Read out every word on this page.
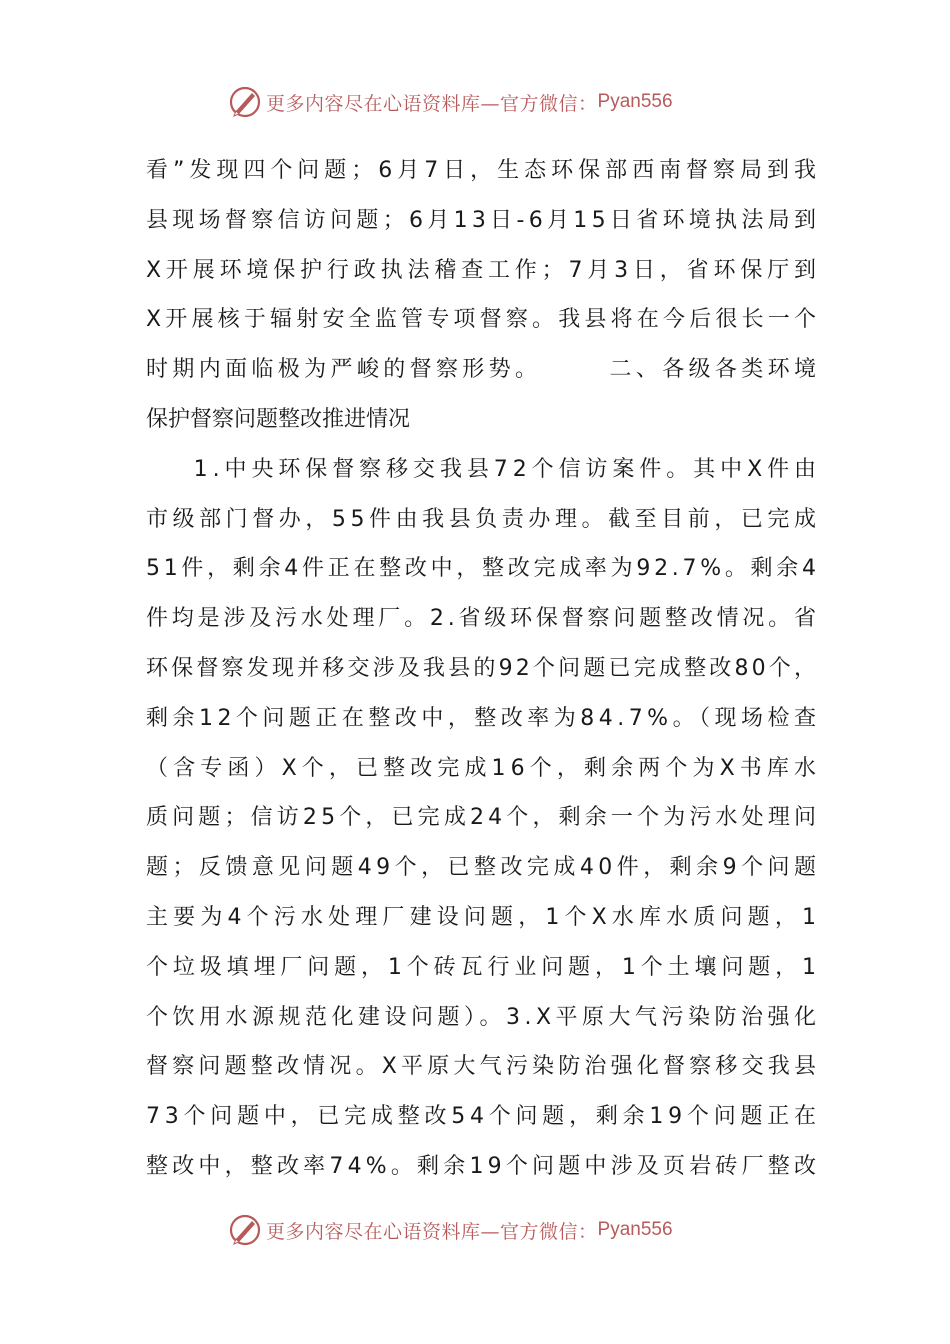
更多内容尽在心语资料库—官方微信： Pyan556
看”发现四个问题；6月7日，生态环保部西南督察局到我
县现场督察信访问题；6月13日-6月15日省环境执法局到
X开展环境保护行政执法稽查工作；7月3日，省环保厅到
X开展核于辐射安全监管专项督察。我县将在今后很长一个
时期内面临极为严峻的督察形势。      二、各级各类环境
保护督察问题整改推进情况
1.中央环保督察移交我县72个信访案件。其中X件由
市级部门督办，55件由我县负责办理。截至目前，已完成
51件，剩余4件正在整改中，整改完成率为92.7%。剩余4
件均是涉及污水处理厂。2.省级环保督察问题整改情况。省
环保督察发现并移交涉及我县的92个问题已完成整改80个，
剩余12个问题正在整改中，整改率为84.7%。（现场检查
（含专函）X个，已整改完成16个，剩余两个为X书库水
质问题；信访25个，已完成24个，剩余一个为污水处理问
题；反馈意见问题49个，已整改完成40件，剩余9个问题
主要为4个污水处理厂建设问题，1个X水库水质问题，1
个垃圾填埋厂问题，1个砖瓦行业问题，1个土壤问题，1
个饮用水源规范化建设问题）。3.X平原大气污染防治强化
督察问题整改情况。X平原大气污染防治强化督察移交我县
73个问题中，已完成整改54个问题，剩余19个问题正在
整改中，整改率74%。剩余19个问题中涉及页岩砖厂整改
更多内容尽在心语资料库—官方微信： Pyan556
